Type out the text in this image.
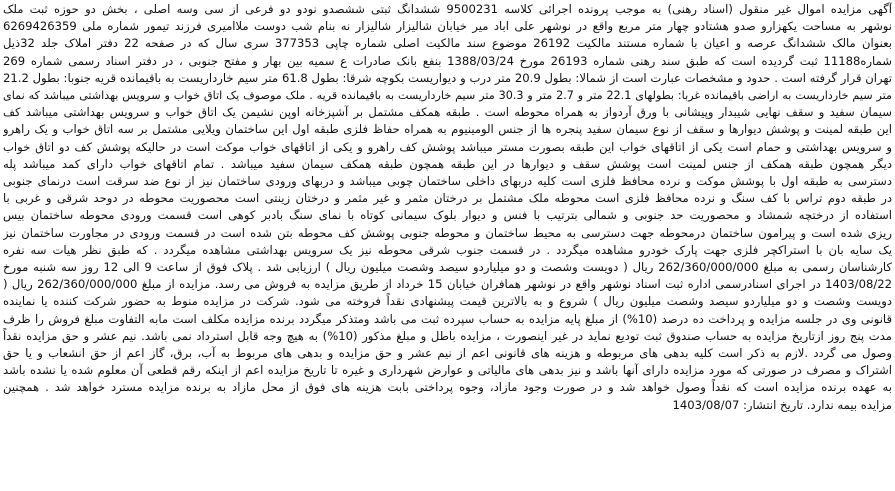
آگهی مزایده اموال غیر منقول (اسناد رهنی) به موجب پرونده اجرائی کلاسه 9500231 ششدانگ ثبتی ششصدو نودو دو فرعی از سی وسه اصلی ، بخش دو حوزه ثبت ملک
نوشهر به مساحت یکهزارو صدو هشتادو چهار متر مربع واقع در نوشهر علی اباد میر خیابان شالیزار شالیزار نه بنام شب دوست ملاامیری فرزند تیمور شماره ملی 6269426359
بعنوان مالک ششدانگ عرصه و اعیان با شماره مستند مالکیت 26192 موضوع سند مالکیت اصلی شماره چاپی 377353 سری سال که در صفحه 22 دفتر املاک جلد 32ذیل
شماره11188 ثبت گردیده است که طبق سند رهنی شماره 26193 مورخ 1388/03/24 بنفع بانک صادرات ع سمیه بین بهار و مفتح جنوبی ، در دفتر اسناد رسمی شماره 269
تهران قرار گرفته است . حدود و مشخصات عبارت است از شمالا: بطول 20.9 متر درب و دیواریست بکوچه شرقا: بطول 61.8 متر سیم خارداریست به باقیمانده قریه جنوبا: بطول 21.2
متر سیم خارداریست به اراضی باقیمانده غربا: بطولهای 22.1 متر و 2.7 متر و 30.3 متر سیم خارداریست به باقیمانده قریه . ملک موصوف یک اتاق خواب و سرویس بهداشتی میباشد که نمای
سیمان سفید و سقف نهایی شیبدار وپیشانی با ورق آردواز به همراه محوطه است . طبقه همکف مشتمل بر آشپزخانه اوپن نشیمن یک اتاق خواب و سرویس بهداشتی میباشد کف
این طبقه لمینت و پوشش دیوارها و سقف از نوع سیمان سفید پنجره ها از جنس الومینیوم به همراه حفاظ فلزی طبقه اول این ساختمان ویلایی مشتمل بر سه اتاق خواب و یک راهرو
و سرویس بهداشتی و حمام است یکی از اتاقهای خواب این طبقه بصورت مستر میباشد پوشش کف راهرو و یکی از اتاقهای خواب موکت است در حالیکه پوشش کف دو اتاق خواب
دیگر همچون طبقه همکف از جنس لمینت است پوشش سقف و دیوارها در این طبقه همچون طبقه همکف سیمان سفید میباشد . تمام اتاقهای خواب دارای کمد میباشد پله
دسترسی به طبقه اول با پوشش موکت و نرده محافظ فلزی است کلیه دربهای داخلی ساختمان چوبی میباشد و دربهای ورودی ساختمان نیز از نوع ضد سرقت است درنمای جنوبی
در طبقه دوم تراس با کف سنگ و نرده محافظ فلزی است محوطه ملک مشتمل بر درختان مثمر و غیر مثمر و درختان زینتی است محصوریت محوطه در دوحد شرقی و غربی با
استفاده از درختچه شمشاد و محصوریت حد جنوبی و شمالی بترتیب با فنس و دیوار بلوک سیمانی کوتاه با نمای سنگ بادبر کوهی است قسمت ورودی محوطه ساختمان بیس
ریزی شده است و پیرامون ساختمان درمحوطه جهت دسترسی به محیط ساختمان و محوطه جنوبی پوشش کف محوطه بتن شده است در قسمت ورودی در مجاورت ساختمان نیز
یک سایه بان با استراکچر فلزی جهت پارک خودرو مشاهده میگردد . در قسمت جنوب شرقی محوطه نیز یک سرویس بهداشتی مشاهده میگردد . که طبق نظر هیات سه نفره
کارشناسان رسمی به مبلغ 262/360/000/000 ریال ( دویست وشصت و دو میلیاردو سیصد وشصت میلیون ریال ) ارزیابی شد . پلاک فوق از ساعت 9 الی 12 روز سه شنبه مورخ
1403/08/22 در اجرای اسنادرسمی اداره ثبت اسناد نوشهر واقع در نوشهر همافران خیابان 15 خرداد از طریق مزایده به فروش می رسد. مزایده از مبلغ 262/360/000/000 ریال (
دویست وشصت و دو میلیاردو سیصد وشصت میلیون ریال ) شروع و به بالاترین قیمت پیشنهادی نقداً فروخته می شود. شرکت در مزایده منوط به حضور شرکت کننده یا نماینده
قانونی وی در جلسه مزایده و پرداخت ده درصد (10%) از مبلغ پایه مزایده به حساب سپرده ثبت می باشد ومتذکر میگردد برنده مزایده مکلف است مابه التفاوت مبلغ فروش را ظرف
مدت پنج روز ازتاریخ مزایده به حساب صندوق ثبت تودیع نماید در غیر اینصورت ، مزایده باطل و مبلغ مذکور (10%) به هیچ وجه قابل استرداد نمی باشد. نیم عشر و حق مزایده نقداً
وصول می گردد .لازم به ذکر است کلیه بدهی های مربوطه و هزینه های قانونی اعم از نیم عشر و حق مزایده و بدهی های مربوط به آب، برق، گاز اعم از حق انشعاب و یا حق
اشتراک و مصرف در صورتی که مورد مزایده دارای آنها باشد و نیز بدهی های مالیاتی و عوارض شهرداری و غیره تا تاریخ مزایده اعم از اینکه رقم قطعی آن معلوم شده یا نشده باشد
به عهده برنده مزایده است که نقداً وصول خواهد شد و در صورت وجود مازاد، وجوه پرداختی بابت هزینه های فوق از محل مازاد به برنده مزایده مسترد خواهد شد . همچنین
مزایده بیمه ندارد. تاریخ انتشار: 1403/08/07
